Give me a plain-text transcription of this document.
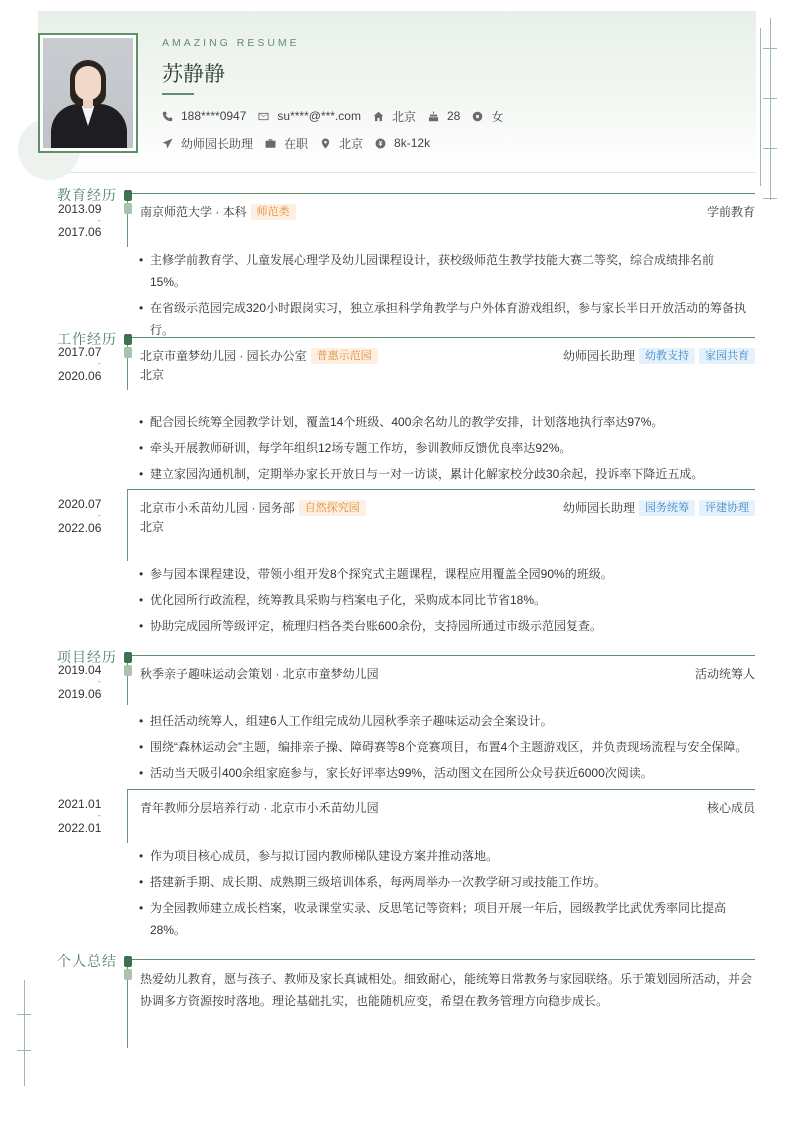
AMAZING RESUME
苏静静
188****0947	su****@***.com	北京	28	女
幼师园长助理	在职	北京	8k-12k
教育经历
2013.09
-
2017.06
南京师范大学 · 本科 师范类	学前教育
• 主修学前教育学、儿童发展心理学及幼儿园课程设计，获校级师范生教学技能大赛二等奖，综合成绩排名前15%。
• 在省级示范园完成320小时跟岗实习，独立承担科学角教学与户外体育游戏组织，参与家长半日开放活动的筹备执行。
工作经历
2017.07
-
2020.06
北京市童梦幼儿园 · 园长办公室 普惠示范园	幼师园长助理 幼教支持	家园共育
北京
• 配合园长统筹全园教学计划，覆盖14个班级、400余名幼儿的教学安排，计划落地执行率达97%。
• 牵头开展教师研训，每学年组织12场专题工作坊，参训教师反馈优良率达92%。
• 建立家园沟通机制，定期举办家长开放日与一对一访谈，累计化解家校分歧30余起，投诉率下降近五成。
2020.07
-
2022.06
北京市小禾苗幼儿园 · 园务部 自然探究园	幼师园长助理 园务统筹	评建协理
北京
• 参与园本课程建设，带领小组开发8个探究式主题课程，课程应用覆盖全园90%的班级。
• 优化园所行政流程，统筹教具采购与档案电子化，采购成本同比节省18%。
• 协助完成园所等级评定，梳理归档各类台账600余份，支持园所通过市级示范园复查。
项目经历
2019.04
-
2019.06
秋季亲子趣味运动会策划 · 北京市童梦幼儿园	活动统筹人
• 担任活动统筹人，组建6人工作组完成幼儿园秋季亲子趣味运动会全案设计。
• 围绕“森林运动会”主题，编排亲子操、障碍赛等8个竞赛项目，布置4个主题游戏区，并负责现场流程与安全保障。
• 活动当天吸引400余组家庭参与，家长好评率达99%，活动图文在园所公众号获近6000次阅读。
2021.01
-
2022.01
青年教师分层培养行动 · 北京市小禾苗幼儿园	核心成员
• 作为项目核心成员，参与拟订园内教师梯队建设方案并推动落地。
• 搭建新手期、成长期、成熟期三级培训体系，每两周举办一次教学研习或技能工作坊。
• 为全园教师建立成长档案，收录课堂实录、反思笔记等资料；项目开展一年后，园级教学比武优秀率同比提高28%。
个人总结
热爱幼儿教育，愿与孩子、教师及家长真诚相处。细致耐心，能统筹日常教务与家园联络。乐于策划园所活动，并会协调多方资源按时落地。理论基础扎实，也能随机应变，希望在教务管理方向稳步成长。
